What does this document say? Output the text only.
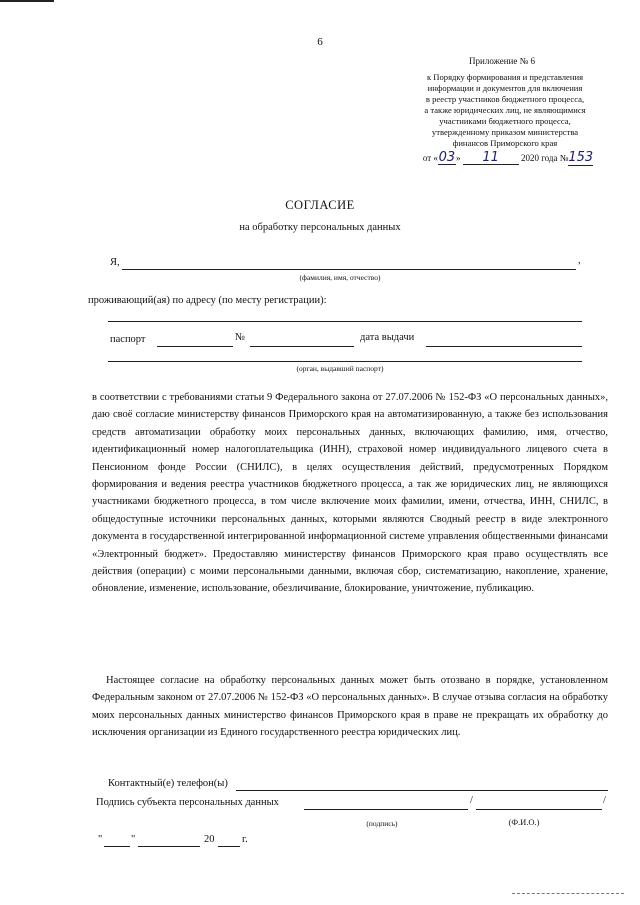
6
Приложение № 6
к Порядку формирования и представления
информации и документов для включения
в реестр участников бюджетного процесса,
а также юридических лиц, не являющимися
участниками бюджетного процесса,
утвержденному приказом министерства
финансов Приморского края
от «03» 11 2020 года №153
СОГЛАСИЕ
на обработку персональных данных
Я,	,
(фамилия, имя, отчество)
проживающий(ая) по адресу (по месту регистрации):
паспорт	№	дата выдачи
(орган, выдавший паспорт)

в соответствии с требованиями статьи 9 Федерального закона от 27.07.2006 № 152-ФЗ «О персональных данных», даю своё согласие министерству финансов Приморского края на автоматизированную, а также без использования средств автоматизации обработку моих персональных данных, включающих фамилию, имя, отчество, идентификационный номер налогоплательщика (ИНН), страховой номер индивидуального лицевого счета в Пенсионном фонде России (СНИЛС), в целях осуществления действий, предусмотренных Порядком формирования и ведения реестра участников бюджетного процесса, а так же юридических лиц, не являющихся участниками бюджетного процесса, в том числе включение моих фамилии, имени, отчества, ИНН, СНИЛС, в общедоступные источники персональных данных, которыми являются Сводный реестр в виде электронного документа в государственной интегрированной информационной системе управления общественными финансами «Электронный бюджет». Предоставляю министерству финансов Приморского края право осуществлять все действия (операции) с моими персональными данными, включая сбор, систематизацию, накопление, хранение, обновление, изменение, использование, обезличивание, блокирование, уничтожение, публикацию.

Настоящее согласие на обработку персональных данных может быть отозвано в порядке, установленном Федеральным законом от 27.07.2006 № 152-ФЗ «О персональных данных». В случае отзыва согласия на обработку моих персональных данных министерство финансов Приморского края в праве не прекращать их обработку до исключения организации из Единого государственного реестра юридических лиц.

Контактный(е) телефон(ы)
Подпись субъекта персональных данных	/	/
(подпись)	(Ф.И.О.)
"	"	20	г.
